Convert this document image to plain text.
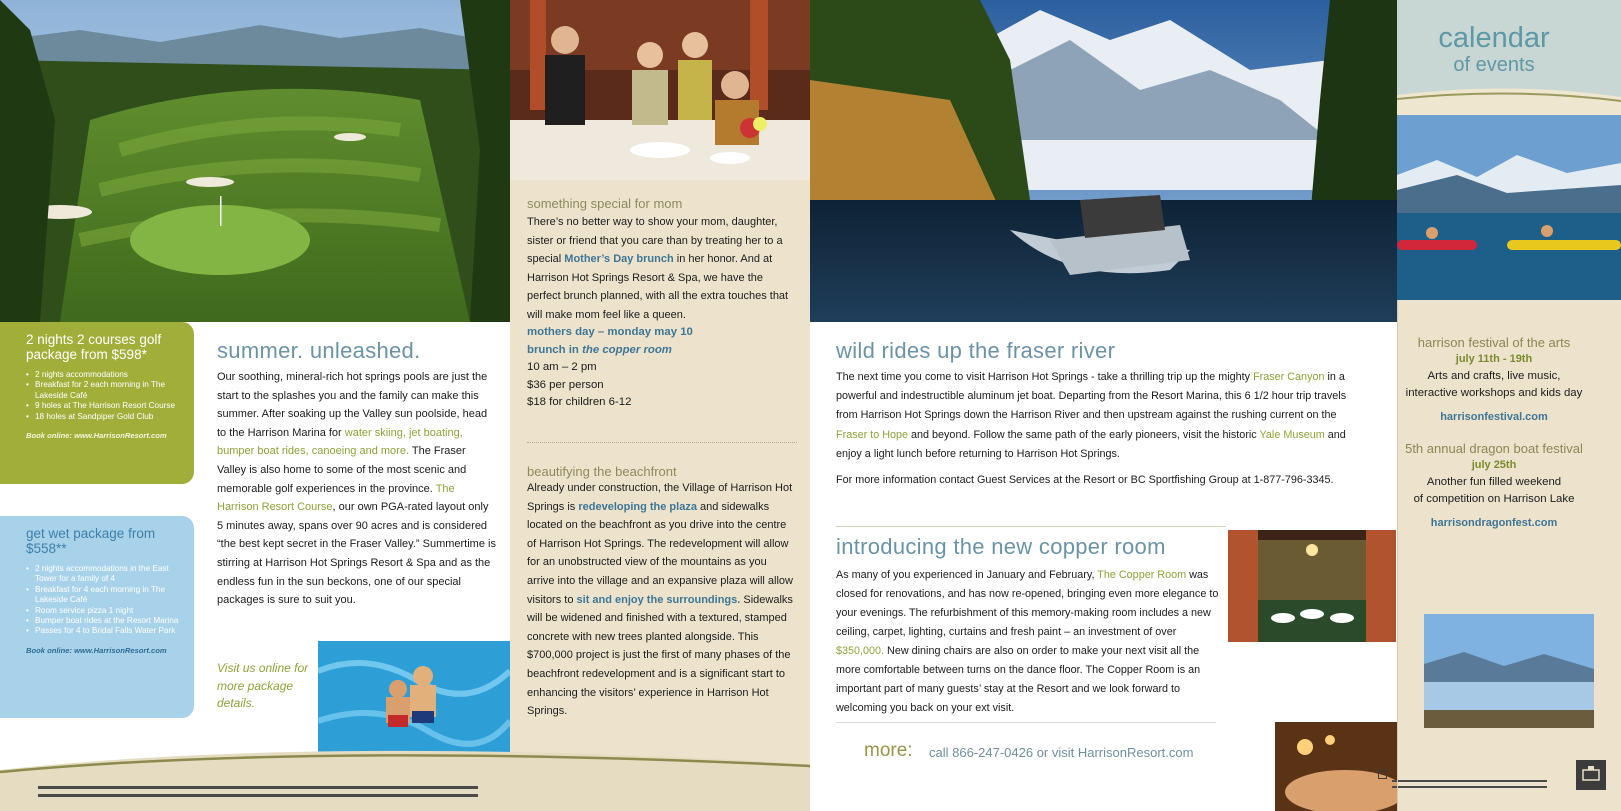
calendar
of events
2 nights 2 courses golf package from $598*
• 2 nights accommodations
• Breakfast for 2 each morning in The Lakeside Café
• 9 holes at The Harrison Resort Course
• 18 holes at Sandpiper Gold Club
Book online: www.HarrisonResort.com
get wet package from $558**
• 2 nights accommodations in the East Tower for a family of 4
• Breakfast for 4 each morning in The Lakeside Café
• Room service pizza 1 night
• Bumper boat rides at the Resort Marina
• Passes for 4 to Bridal Falls Water Park
Book online: www.HarrisonResort.com
summer. unleashed.

Our soothing, mineral-rich hot springs pools are just the start to the splashes you and the family can make this summer. After soaking up the Valley sun poolside, head to the Harrison Marina for water skiing, jet boating, bumper boat rides, canoeing and more. The Fraser Valley is also home to some of the most scenic and memorable golf experiences in the province. The Harrison Resort Course, our own PGA-rated layout only 5 minutes away, spans over 90 acres and is considered “the best kept secret in the Fraser Valley.” Summertime is stirring at Harrison Hot Springs Resort & Spa and as the endless fun in the sun beckons, one of our special packages is sure to suit you.

Visit us online for more package details.
something special for mom

There’s no better way to show your mom, daughter, sister or friend that you care than by treating her to a special Mother’s Day brunch in her honor. And at Harrison Hot Springs Resort & Spa, we have the perfect brunch planned, with all the extra touches that will make mom feel like a queen.

mothers day – monday may 10
brunch in the copper room
10 am – 2 pm
$36 per person
$18 for children 6-12
beautifying the beachfront

Already under construction, the Village of Harrison Hot Springs is redeveloping the plaza and sidewalks located on the beachfront as you drive into the centre of Harrison Hot Springs. The redevelopment will allow for an unobstructed view of the mountains as you arrive into the village and an expansive plaza will allow visitors to sit and enjoy the surroundings. Sidewalks will be widened and finished with a textured, stamped concrete with new trees planted alongside. This $700,000 project is just the first of many phases of the beachfront redevelopment and is a significant start to enhancing the visitors’ experience in Harrison Hot Springs.

wild rides up the fraser river

The next time you come to visit Harrison Hot Springs - take a thrilling trip up the mighty Fraser Canyon in a powerful and indestructible aluminum jet boat. Departing from the Resort Marina, this 6 1/2 hour trip travels from Harrison Hot Springs down the Harrison River and then upstream against the rushing current on the Fraser to Hope and beyond. Follow the same path of the early pioneers, visit the historic Yale Museum and enjoy a light lunch before returning to Harrison Hot Springs.

For more information contact Guest Services at the Resort or BC Sportfishing Group at 1-877-796-3345.

introducing the new copper room

As many of you experienced in January and February, The Copper Room was closed for renovations, and has now re-opened, bringing even more elegance to your evenings. The refurbishment of this memory-making room includes a new ceiling, carpet, lighting, curtains and fresh paint – an investment of over $350,000. New dining chairs are also on order to make your next visit all the more comfortable between turns on the dance floor. The Copper Room is an important part of many guests’ stay at the Resort and we look forward to welcoming you back on your ext visit.

more: call 866-247-0426 or visit HarrisonResort.com
harrison festival of the arts
july 11th - 19th
Arts and crafts, live music,
interactive workshops and kids day
harrisonfestival.com
5th annual dragon boat festival
july 25th
Another fun filled weekend
of competition on Harrison Lake
harrisondragonfest.com
